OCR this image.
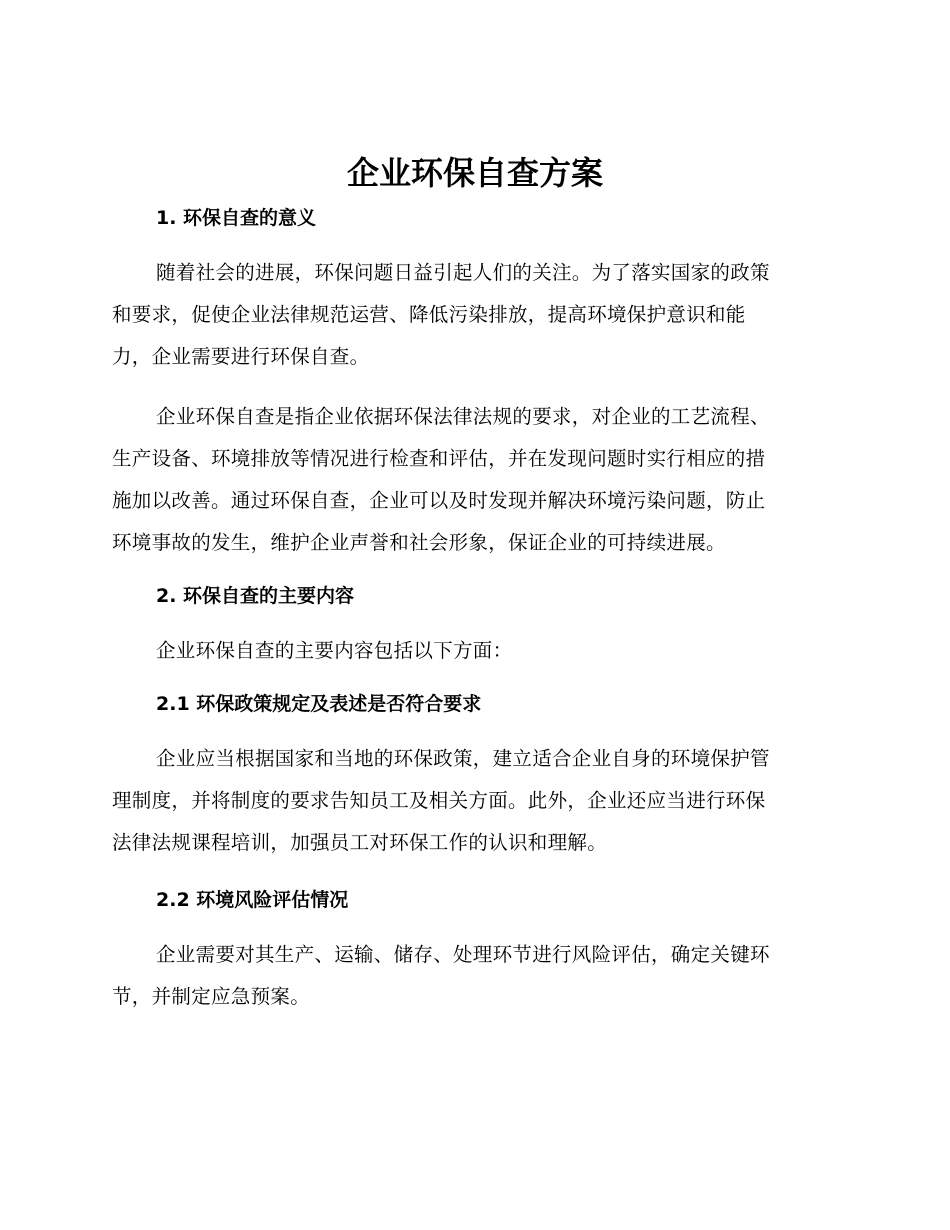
企业环保自查方案
1. 环保自查的意义
随着社会的进展，环保问题日益引起人们的关注。为了落实国家的政策
和要求，促使企业法律规范运营、降低污染排放，提高环境保护意识和能
力，企业需要进行环保自查。
企业环保自查是指企业依据环保法律法规的要求，对企业的工艺流程、
生产设备、环境排放等情况进行检查和评估，并在发现问题时实行相应的措
施加以改善。通过环保自查，企业可以及时发现并解决环境污染问题，防止
环境事故的发生，维护企业声誉和社会形象，保证企业的可持续进展。
2. 环保自查的主要内容
企业环保自查的主要内容包括以下方面：
2.1 环保政策规定及表述是否符合要求
企业应当根据国家和当地的环保政策，建立适合企业自身的环境保护管
理制度，并将制度的要求告知员工及相关方面。此外，企业还应当进行环保
法律法规课程培训，加强员工对环保工作的认识和理解。
2.2 环境风险评估情况
企业需要对其生产、运输、储存、处理环节进行风险评估，确定关键环
节，并制定应急预案。
